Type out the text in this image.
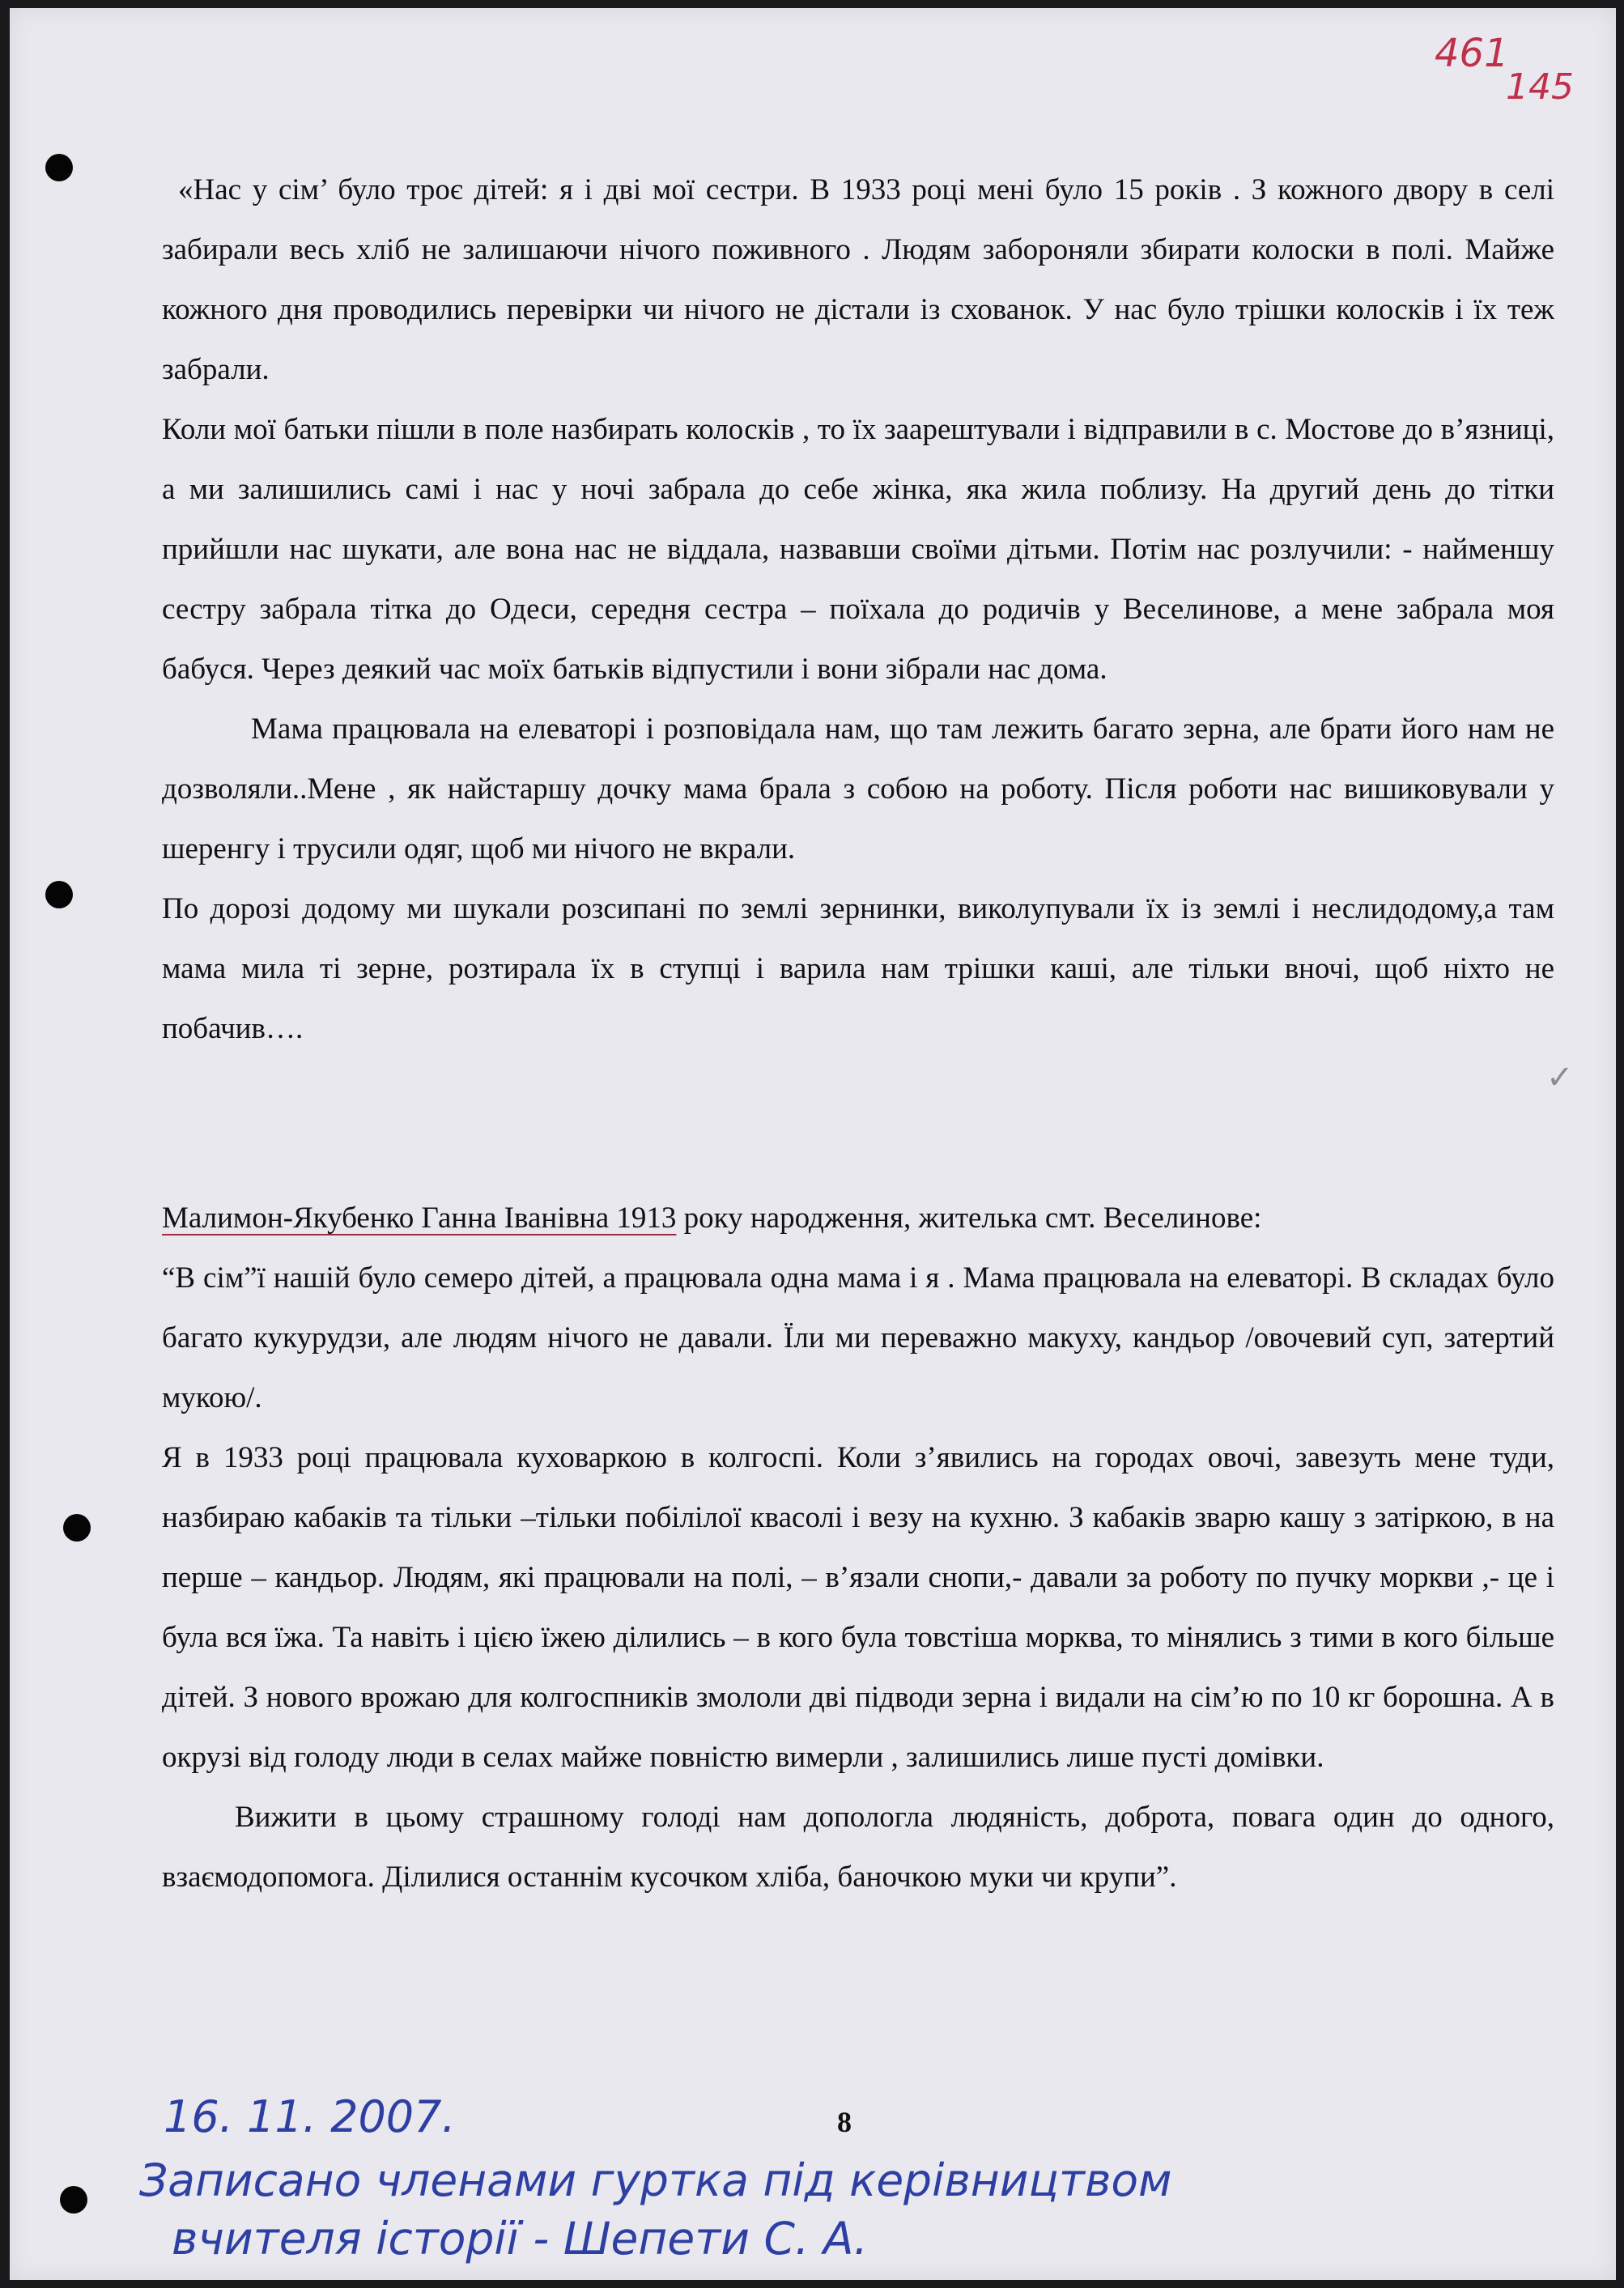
461

145

«Нас у сім’ було троє дітей: я і дві мої сестри. В 1933 році мені було 15 років . З кожного двору в селі забирали весь хліб не залишаючи нічого поживного . Людям забороняли збирати колоски в полі. Майже кожного дня проводились перевірки чи нічого не дістали із схованок. У нас було трішки колосків і їх теж забрали.

Коли мої батьки пішли в поле назбирать колосків , то їх заарештували і відправили в с. Мостове до в’язниці, а ми залишились самі і нас у ночі забрала до себе жінка, яка жила поблизу. На другий день до тітки прийшли нас шукати, але вона нас не віддала, назвавши своїми дітьми. Потім нас розлучили: - найменшу сестру забрала тітка до Одеси, середня сестра – поїхала до родичів у Веселинове, а мене забрала моя бабуся. Через деякий час моїх батьків відпустили і вони зібрали нас дома.

Мама працювала на елеваторі і розповідала нам, що там лежить багато зерна, але брати його нам не дозволяли..Мене , як найстаршу дочку мама брала з собою на роботу. Після роботи нас вишиковували у шеренгу і трусили одяг, щоб ми нічого не вкрали.

По дорозі додому ми шукали розсипані по землі зернинки, виколупували їх із землі і неслидодому,а там мама мила ті зерне, розтирала їх в ступці і варила нам трішки каші, але тільки вночі, щоб ніхто не побачив….

Малимон-Якубенко Ганна Іванівна 1913 року народження, жителька смт. Веселинове:

“В сім”ї нашій було семеро дітей, а працювала одна мама і я . Мама працювала на елеваторі. В складах було багато кукурудзи, але людям нічого не давали. Їли ми переважно макуху, кандьор /овочевий суп, затертий мукою/.

Я в 1933 році працювала куховаркою в колгоспі. Коли з’явились на городах овочі, завезуть мене туди, назбираю кабаків та тільки –тільки побілілої квасолі і везу на кухню. З кабаків зварю кашу з затіркою, в на перше – кандьор. Людям, які працювали на полі, – в’язали снопи,- давали за роботу по пучку моркви ,- це і була вся їжа. Та навіть і цією їжею ділились – в кого була товстіша морква, то мінялись з тими в кого більше дітей. З нового врожаю для колгоспників змололи дві підводи зерна і видали на сім’ю по 10 кг борошна. А в окрузі від голоду люди в селах майже повністю вимерли , залишились лише пусті домівки.

Вижити в цьому страшному голоді нам допологла людяність, доброта, повага один до одного, взаємодопомога. Ділилися останнім кусочком хліба, баночкою муки чи крупи”.

✓

8

16. 11. 2007.

Записано членами гуртка під керівництвом

вчителя історії - Шепети С. А.
